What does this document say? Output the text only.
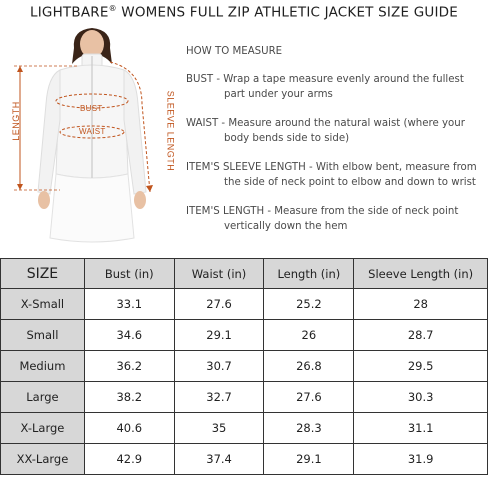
LIGHTBARE® WOMENS FULL ZIP ATHLETIC JACKET SIZE GUIDE
LENGTH	SLEEVE LENGTH
BUST
WAIST
HOW TO MEASURE
BUST - Wrap a tape measure evenly around the fullest
part under your arms
WAIST - Measure around the natural waist (where your
body bends side to side)
ITEM'S SLEEVE LENGTH - With elbow bent, measure from
the side of neck point to elbow and down to wrist
ITEM'S LENGTH - Measure from the side of neck point
vertically down the hem
SIZE	Bust (in)	Waist (in)	Length (in)	Sleeve Length (in)
X-Small	33.1	27.6	25.2	28
Small	34.6	29.1	26	28.7
Medium	36.2	30.7	26.8	29.5
Large	38.2	32.7	27.6	30.3
X-Large	40.6	35	28.3	31.1
XX-Large	42.9	37.4	29.1	31.9
